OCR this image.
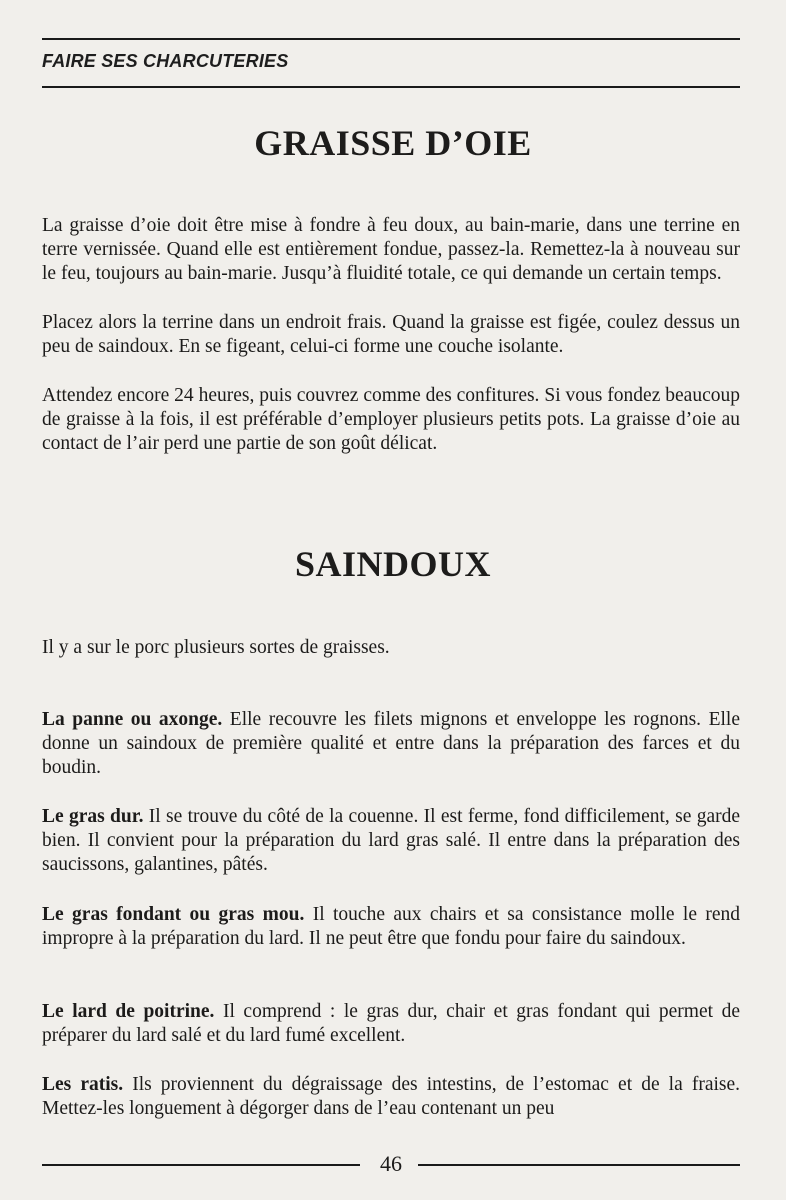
FAIRE SES CHARCUTERIES
GRAISSE D’OIE

La graisse d’oie doit être mise à fondre à feu doux, au bain-marie, dans une terrine en terre vernissée. Quand elle est entièrement fondue, passez-la. Remettez-la à nouveau sur le feu, toujours au bain-marie. Jusqu’à fluidité totale, ce qui demande un certain temps.

Placez alors la terrine dans un endroit frais. Quand la graisse est figée, coulez dessus un peu de saindoux. En se figeant, celui-ci forme une couche isolante.

Attendez encore 24 heures, puis couvrez comme des confitures. Si vous fondez beaucoup de graisse à la fois, il est préférable d’employer plusieurs petits pots. La graisse d’oie au contact de l’air perd une partie de son goût délicat.

SAINDOUX

Il y a sur le porc plusieurs sortes de graisses.

La panne ou axonge. Elle recouvre les filets mignons et enveloppe les rognons. Elle donne un saindoux de première qualité et entre dans la préparation des farces et du boudin.

Le gras dur. Il se trouve du côté de la couenne. Il est ferme, fond difficilement, se garde bien. Il convient pour la préparation du lard gras salé. Il entre dans la préparation des saucissons, galantines, pâtés.

Le gras fondant ou gras mou. Il touche aux chairs et sa consistance molle le rend impropre à la préparation du lard. Il ne peut être que fondu pour faire du saindoux.

Le lard de poitrine. Il comprend : le gras dur, chair et gras fondant qui permet de préparer du lard salé et du lard fumé excellent.

Les ratis. Ils proviennent du dégraissage des intestins, de l’estomac et de la fraise. Mettez-les longuement à dégorger dans de l’eau contenant un peu

46
